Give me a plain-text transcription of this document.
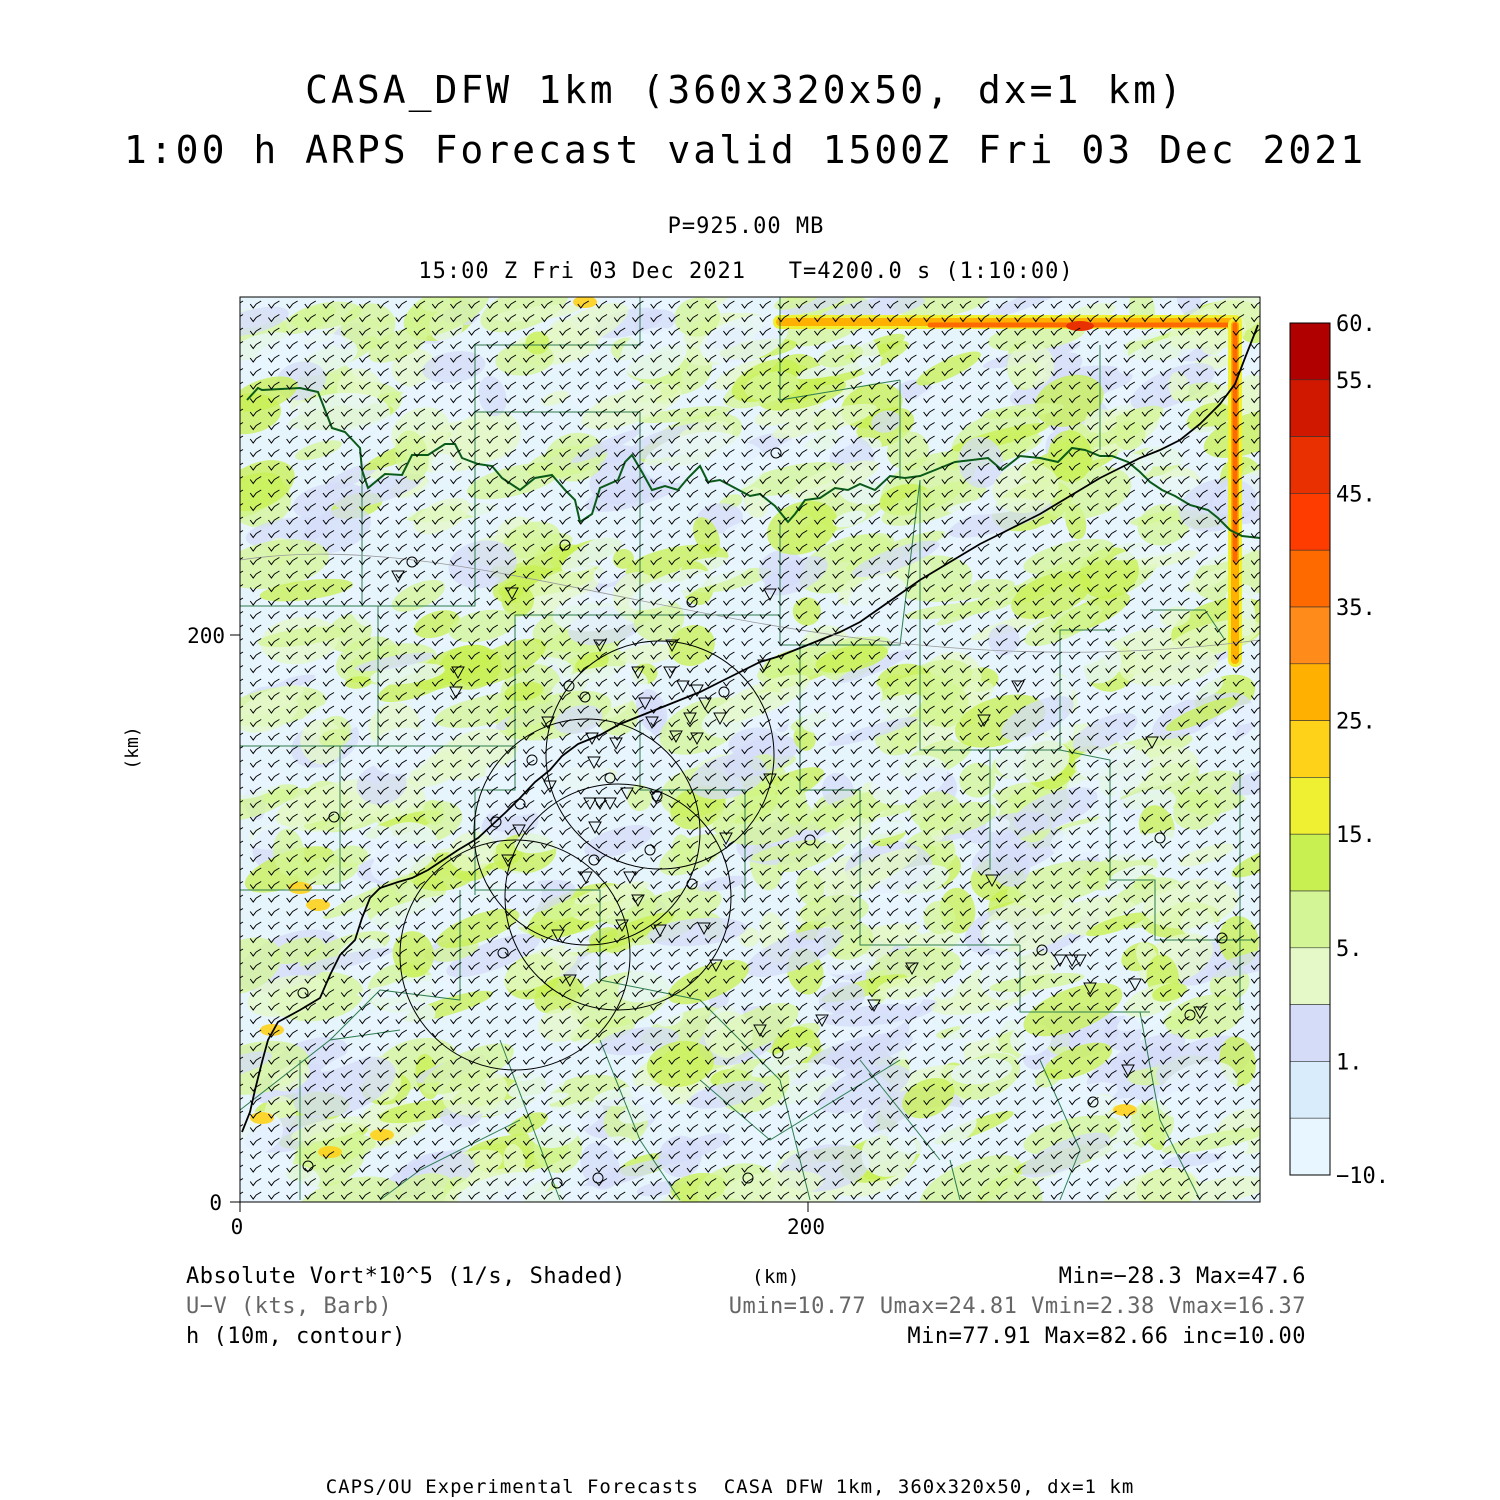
CASA_DFW 1km (360x320x50, dx=1 km)
1:00 h ARPS Forecast valid 1500Z Fri 03 Dec 2021
P=925.00 MB
15:00 Z Fri 03 Dec 2021   T=4200.0 s (1:10:00)
0	200
0
200
(km)
60.
55.
45.
35.
25.
15.
5.
1.
−10.
Absolute Vort*10^5 (1/s, Shaded)	(km)	Min=−28.3 Max=47.6
U−V (kts, Barb)	Umin=10.77 Umax=24.81 Vmin=2.38 Vmax=16.37
h (10m, contour)	Min=77.91 Max=82.66 inc=10.00
CAPS/OU Experimental Forecasts  CASA DFW 1km, 360x320x50, dx=1 km
